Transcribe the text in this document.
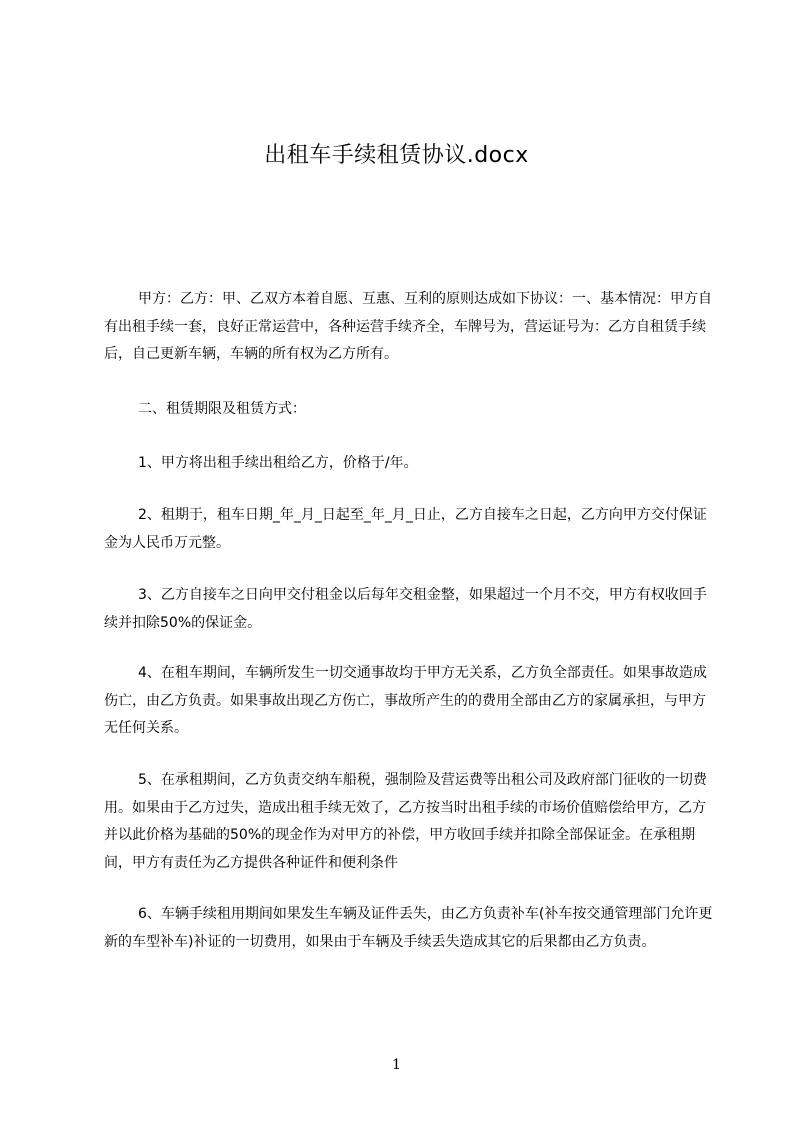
出租车手续租赁协议.docx
甲方：乙方：甲、乙双方本着自愿、互惠、互利的原则达成如下协议：一、基本情况：甲方自有出租手续一套，良好正常运营中，各种运营手续齐全，车牌号为，营运证号为：乙方自租赁手续后，自己更新车辆，车辆的所有权为乙方所有。
二、租赁期限及租赁方式：
1、甲方将出租手续出租给乙方，价格于/年。
2、租期于，租车日期_年_月_日起至_年_月_日止，乙方自接车之日起，乙方向甲方交付保证金为人民币万元整。
3、乙方自接车之日向甲交付租金以后每年交租金整，如果超过一个月不交，甲方有权收回手续并扣除50%的保证金。
4、在租车期间，车辆所发生一切交通事故均于甲方无关系，乙方负全部责任。如果事故造成伤亡，由乙方负责。如果事故出现乙方伤亡，事故所产生的的费用全部由乙方的家属承担，与甲方无任何关系。
5、在承租期间，乙方负责交纳车船税，强制险及营运费等出租公司及政府部门征收的一切费用。如果由于乙方过失，造成出租手续无效了，乙方按当时出租手续的市场价值赔偿给甲方，乙方并以此价格为基础的50%的现金作为对甲方的补偿，甲方收回手续并扣除全部保证金。在承租期间，甲方有责任为乙方提供各种证件和便利条件
6、车辆手续租用期间如果发生车辆及证件丢失，由乙方负责补车(补车按交通管理部门允许更新的车型补车)补证的一切费用，如果由于车辆及手续丢失造成其它的后果都由乙方负责。
1
